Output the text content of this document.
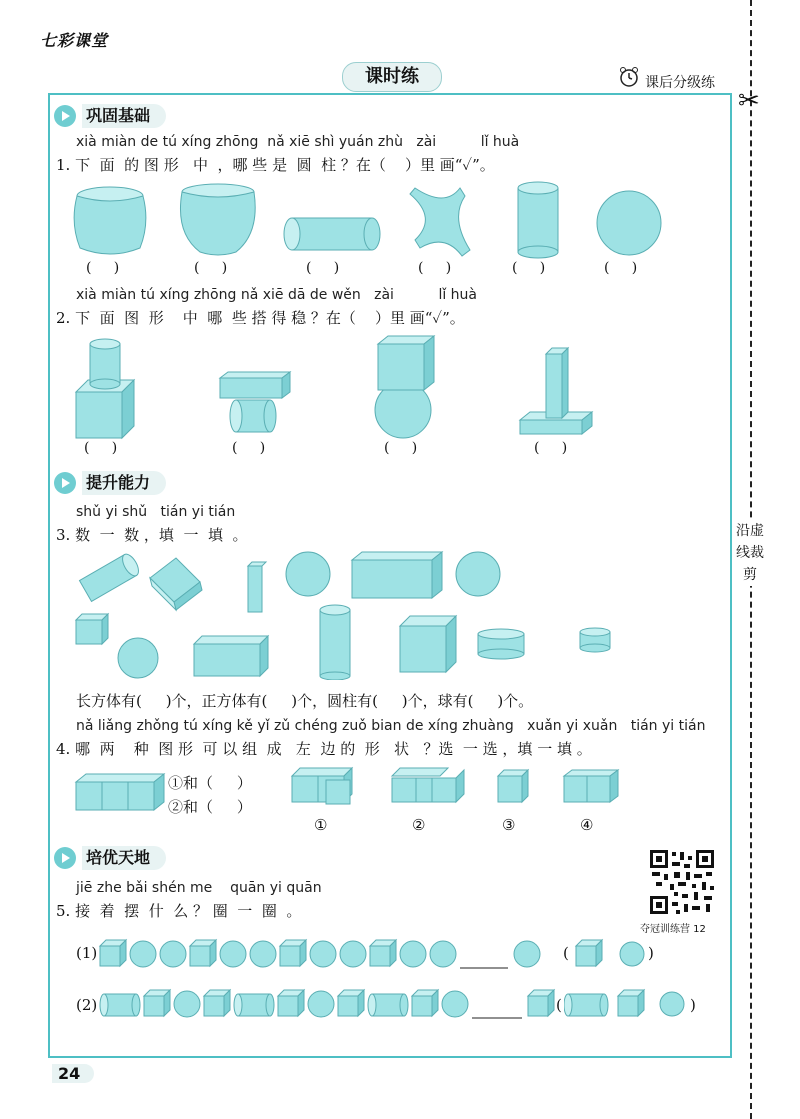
七彩课堂
课时练	课后分级练
✂
沿虚线裁剪
巩固基础
xià miàn de tú xíng zhōng  nǎ xiē shì yuán zhù   zài          lǐ huà
1. 下  面  的 图 形   中  ，哪 些 是  圆  柱 ？在（    ）里 画“✓”。
(     )	(     )	(     )	(     )	(     )	(     )
xià miàn tú xíng zhōng nǎ xiē dā de wěn   zài          lǐ huà
2. 下  面  图  形    中  哪  些 搭 得 稳 ？在（    ）里 画“✓”。
(     )	(     )	(     )	(     )
提升能力
shǔ yi shǔ   tián yi tián
3. 数  一  数 ，填  一  填  。
长方体有(     )个，正方体有(     )个，圆柱有(     )个，球有(     )个。
nǎ liǎng zhǒng tú xíng kě yǐ zǔ chéng zuǒ bian de xíng zhuàng   xuǎn yi xuǎn   tián yi tián
4. 哪  两    种  图 形  可 以 组  成   左  边 的  形   状   ？选  一 选 ，填 一 填 。
①和（     ）
②和（     ）
①	②	③	④
培优天地
夺冠训练营 12
jiē zhe bǎi shén me    quān yi quān
5. 接  着  摆  什  么 ？ 圈  一  圈  。
(1)	(	)
(2)	(	)
24
